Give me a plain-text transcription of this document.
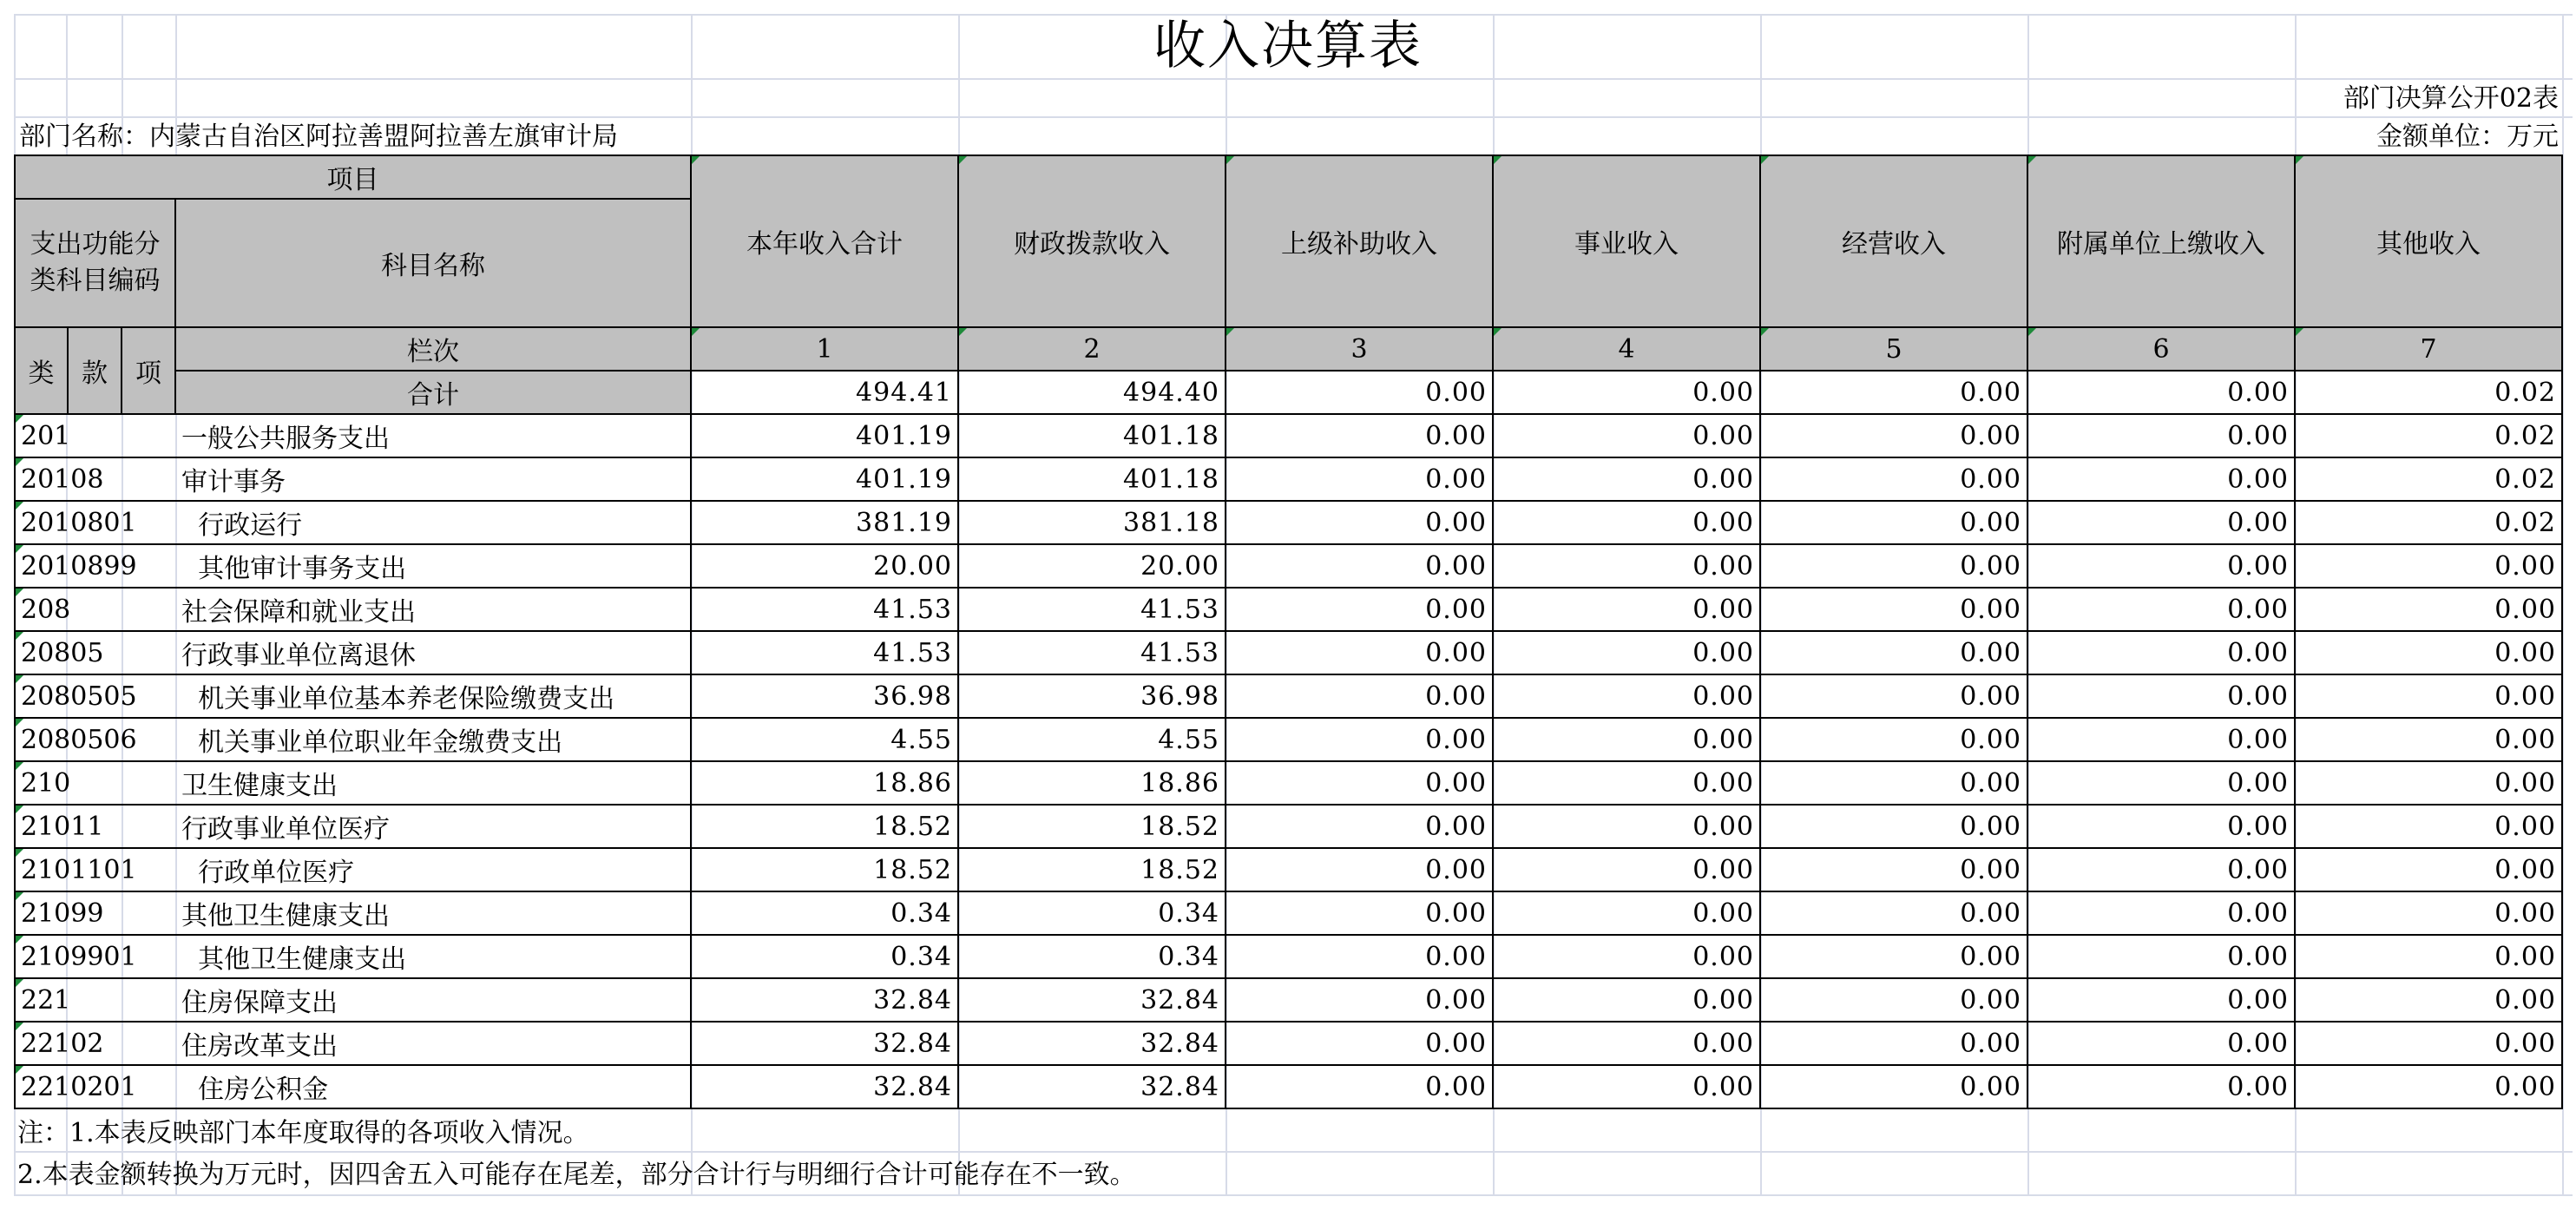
收入决算表
部门决算公开02表
部门名称：内蒙古自治区阿拉善盟阿拉善左旗审计局	金额单位：万元
项目				本年收入合计	财政拨款收入	上级补助收入	事业收入	经营收入	附属单位上缴收入	其他收入
支出功能分类科目编码			科目名称							
类	款	项	栏次	1	2	3	4	5	6	7
			合计	494.41	494.40	0.00	0.00	0.00	0.00	0.02
201			一般公共服务支出	401.19	401.18	0.00	0.00	0.00	0.00	0.02
20108			审计事务	401.19	401.18	0.00	0.00	0.00	0.00	0.02
2010801			行政运行	381.19	381.18	0.00	0.00	0.00	0.00	0.02
2010899			其他审计事务支出	20.00	20.00	0.00	0.00	0.00	0.00	0.00
208			社会保障和就业支出	41.53	41.53	0.00	0.00	0.00	0.00	0.00
20805			行政事业单位离退休	41.53	41.53	0.00	0.00	0.00	0.00	0.00
2080505			机关事业单位基本养老保险缴费支出	36.98	36.98	0.00	0.00	0.00	0.00	0.00
2080506			机关事业单位职业年金缴费支出	4.55	4.55	0.00	0.00	0.00	0.00	0.00
210			卫生健康支出	18.86	18.86	0.00	0.00	0.00	0.00	0.00
21011			行政事业单位医疗	18.52	18.52	0.00	0.00	0.00	0.00	0.00
2101101			行政单位医疗	18.52	18.52	0.00	0.00	0.00	0.00	0.00
21099			其他卫生健康支出	0.34	0.34	0.00	0.00	0.00	0.00	0.00
2109901			其他卫生健康支出	0.34	0.34	0.00	0.00	0.00	0.00	0.00
221			住房保障支出	32.84	32.84	0.00	0.00	0.00	0.00	0.00
22102			住房改革支出	32.84	32.84	0.00	0.00	0.00	0.00	0.00
2210201			住房公积金	32.84	32.84	0.00	0.00	0.00	0.00	0.00
注：1.本表反映部门本年度取得的各项收入情况。
2.本表金额转换为万元时，因四舍五入可能存在尾差，部分合计行与明细行合计可能存在不一致。
